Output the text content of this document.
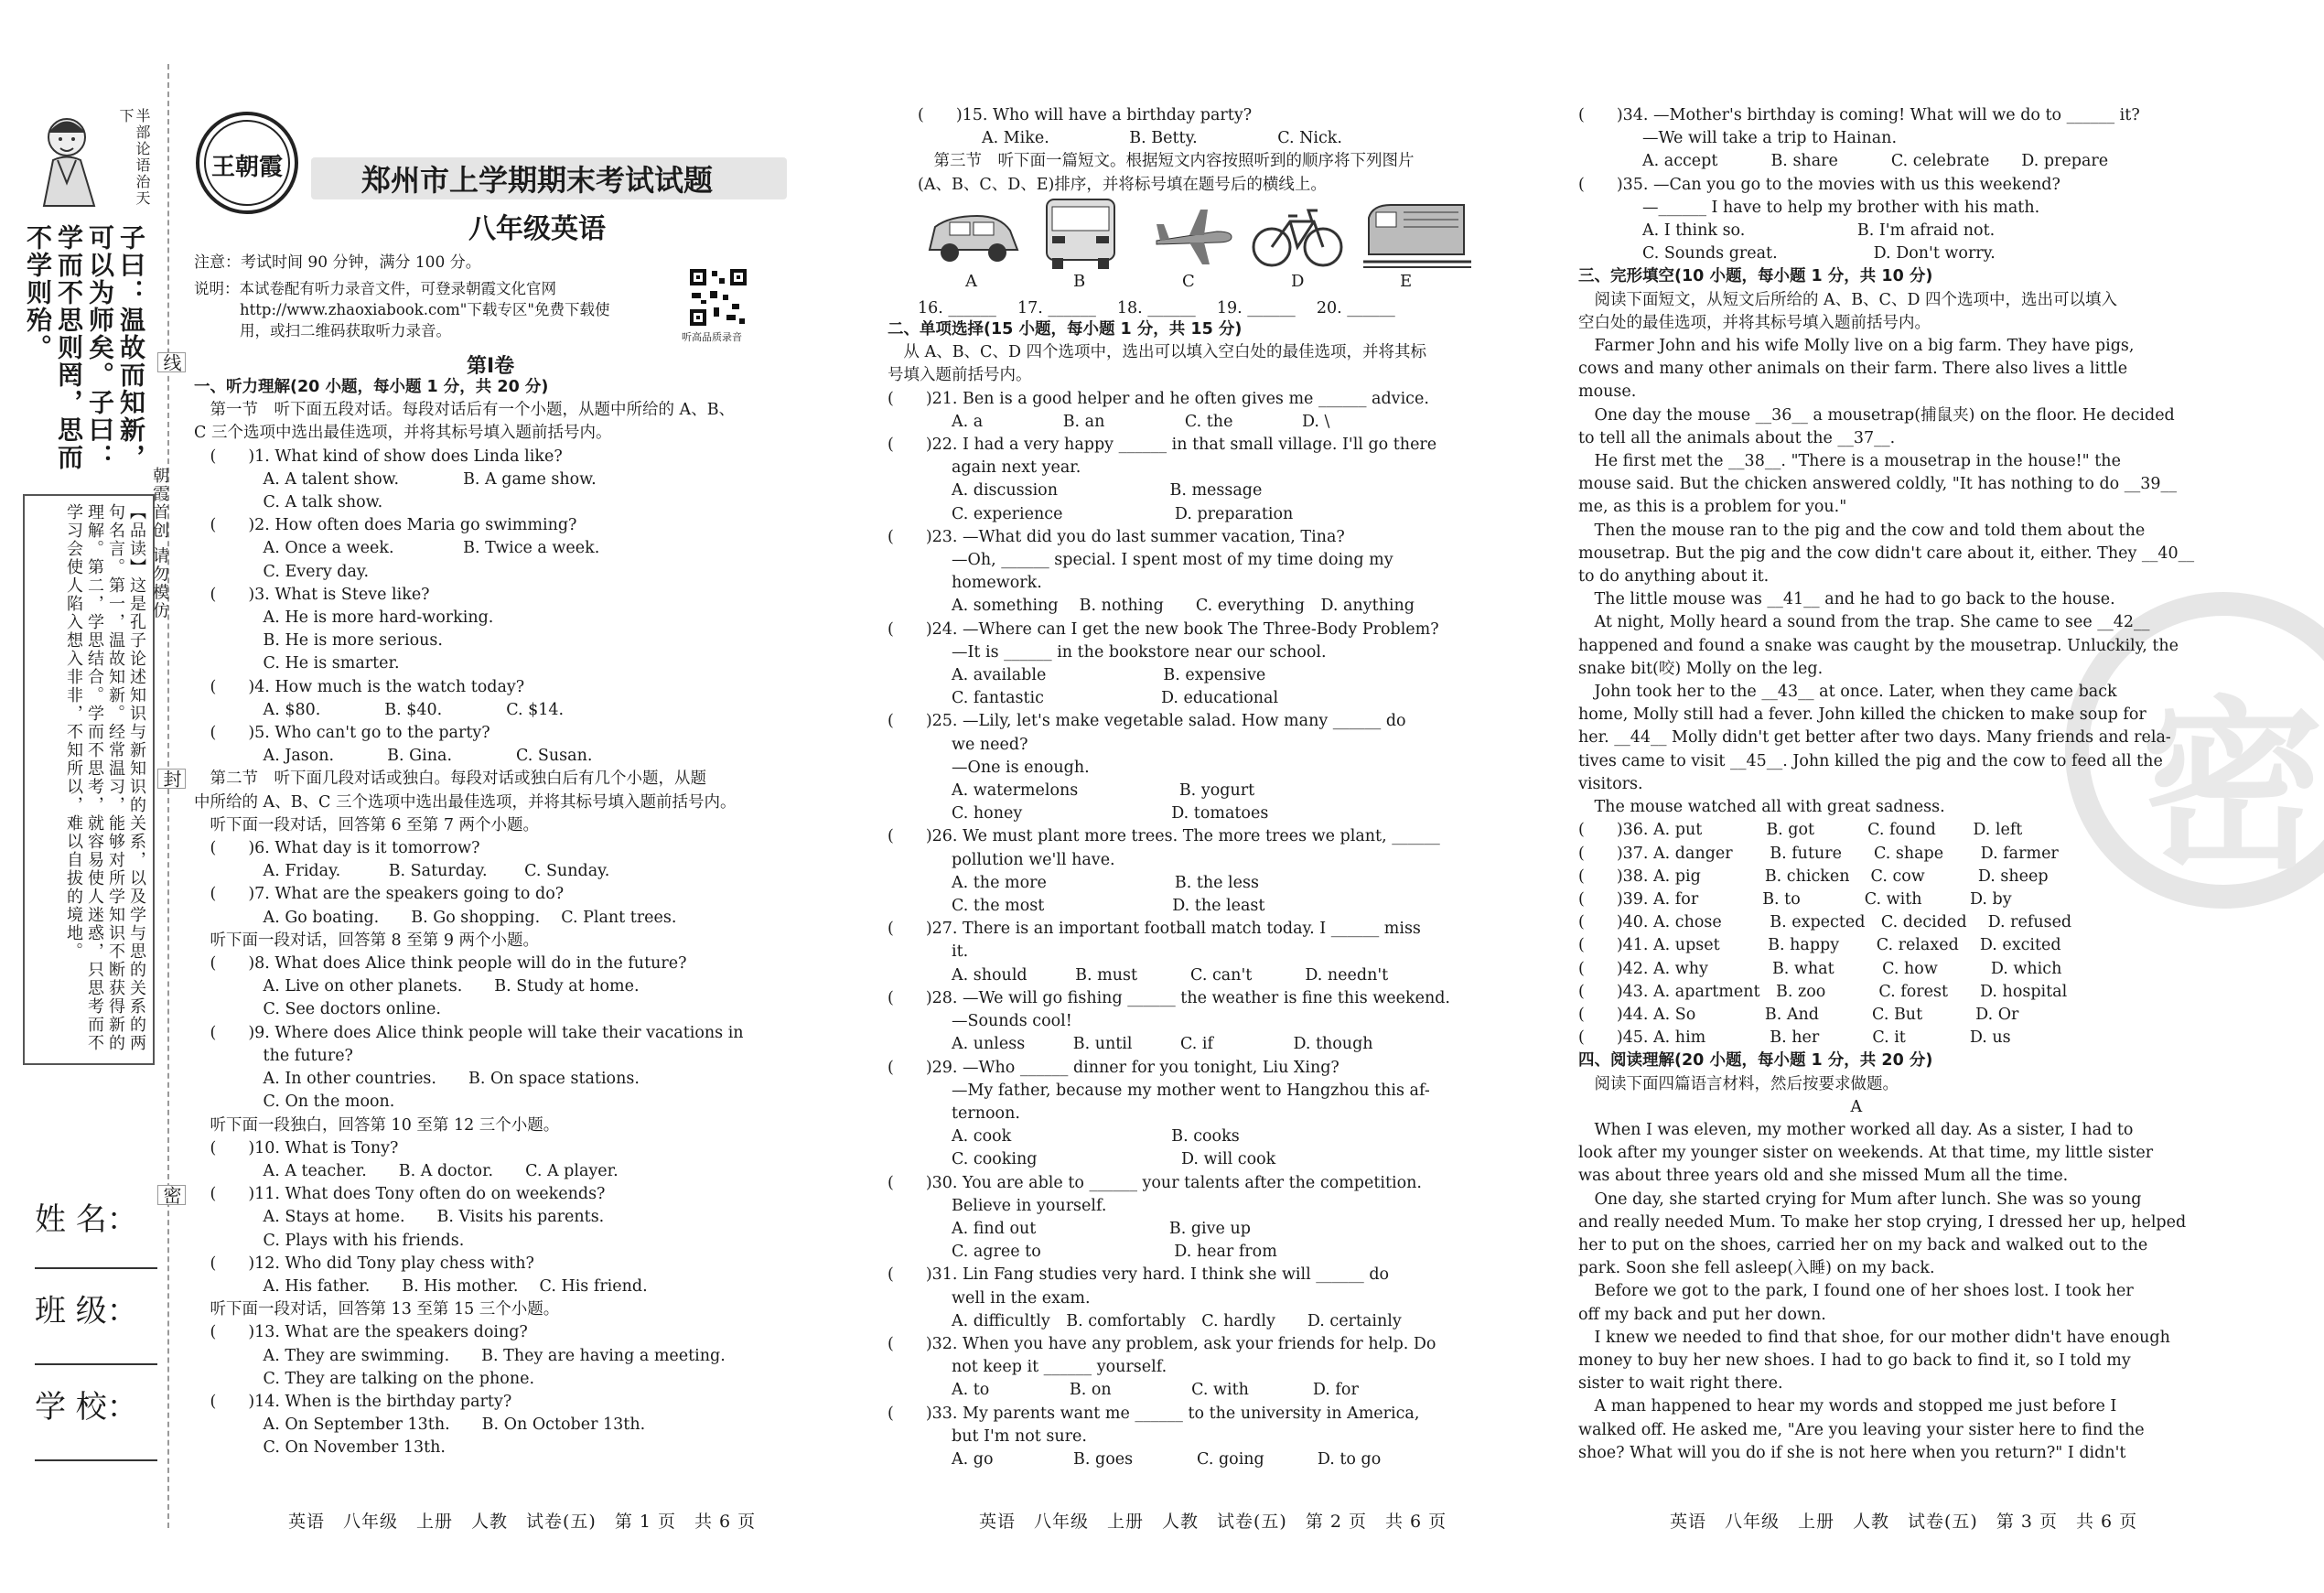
半部论语治天下
子曰：温故而知新，可以为师矣。子曰：学而不思则罔，思而不学则殆。
【品读】这是孔子论述知识与新知识的关系，以及学与思的关系的两句名言。第一，温故知新。经常温习，能够对所学知识不断获得新的理解。第二，学思结合。学而不思考，就容易使人迷惑，只思考而不学习会使人陷入想入非非，不知所以，难以自拔的境地。
姓 名：
班 级：
学 校：
朝霞首创 请勿模仿
线
封
密
王朝霞	郑州市上学期期末考试试题
八年级英语
注意：考试时间 90 分钟，满分 100 分。
说明：本试卷配有听力录音文件，可登录朝霞文化官网
http://www.zhaoxiabook.com"下载专区"免费下载使
用，或扫二维码获取听力录音。	听高品质录音
第Ⅰ卷

一、听力理解(20 小题，每小题 1 分，共 20 分)

　第一节　听下面五段对话。每段对话后有一个小题，从题中所给的 A、B、

C 三个选项中选出最佳选项，并将其标号填入题前括号内。

　(　　)1. What kind of show does Linda like?

　　　　 A. A talent show.　　　　B. A game show.

　　　　 C. A talk show.

　(　　)2. How often does Maria go swimming?

　　　　 A. Once a week.　　　　 B. Twice a week.

　　　　 C. Every day.

　(　　)3. What is Steve like?

　　　　 A. He is more hard-working.

　　　　 B. He is more serious.

　　　　 C. He is smarter.

　(　　)4. How much is the watch today?

　　　　 A. $80.　　　　B. $40.　　　　C. $14.

　(　　)5. Who can't go to the party?

　　　　 A. Jason.　　　 B. Gina.　　　　C. Susan.

　第二节　听下面几段对话或独白。每段对话或独白后有几个小题，从题

中所给的 A、B、C 三个选项中选出最佳选项，并将其标号填入题前括号内。

　听下面一段对话，回答第 6 至第 7 两个小题。

　(　　)6. What day is it tomorrow?

　　　　 A. Friday.　　　B. Saturday.　　 C. Sunday.

　(　　)7. What are the speakers going to do?

　　　　 A. Go boating.　　B. Go shopping.　 C. Plant trees.

　听下面一段对话，回答第 8 至第 9 两个小题。

　(　　)8. What does Alice think people will do in the future?

　　　　 A. Live on other planets.　　B. Study at home.

　　　　 C. See doctors online.

　(　　)9. Where does Alice think people will take their vacations in

　　　　 the future?

　　　　 A. In other countries.　　B. On space stations.

　　　　 C. On the moon.

　听下面一段独白，回答第 10 至第 12 三个小题。

　(　　)10. What is Tony?

　　　　 A. A teacher.　　B. A doctor.　　C. A player.

　(　　)11. What does Tony often do on weekends?

　　　　 A. Stays at home.　　B. Visits his parents.

　　　　 C. Plays with his friends.

　(　　)12. Who did Tony play chess with?

　　　　 A. His father.　　B. His mother.　 C. His friend.

　听下面一段对话，回答第 13 至第 15 三个小题。

　(　　)13. What are the speakers doing?

　　　　 A. They are swimming.　　B. They are having a meeting.

　　　　 C. They are talking on the phone.

　(　　)14. When is the birthday party?

　　　　 A. On September 13th.　　B. On October 13th.

　　　　 C. On November 13th.

(　　)15. Who will have a birthday party?

　　　　A. Mike.　　　　　B. Betty.　　　　　C. Nick.

　第三节　听下面一篇短文。根据短文内容按照听到的顺序将下列图片

(A、B、C、D、E)排序，并将标号填在题号后的横线上。

A	B	C	D	E
16. ______　 17. ______　 18. ______　 19. ______　 20. ______

二、单项选择(15 小题，每小题 1 分，共 15 分)

　从 A、B、C、D 四个选项中，选出可以填入空白处的最佳选项，并将其标

号填入题前括号内。

(　　)21. Ben is a good helper and he often gives me ______ advice.

　　　　A. a　　　　　B. an　　　　　C. the　　　　 D. \

(　　)22. I had a very happy ______ in that small village. I'll go there

　　　　again next year.

　　　　A. discussion　　　　　　　B. message

　　　　C. experience　　　　　　　D. preparation

(　　)23. —What did you do last summer vacation, Tina?

　　　　—Oh, ______ special. I spent most of my time doing my

　　　　homework.

　　　　A. something　 B. nothing　　C. everything　D. anything

(　　)24. —Where can I get the new book The Three-Body Problem?

　　　　—It is ______ in the bookstore near our school.

　　　　A. available　　　　　　　 B. expensive

　　　　C. fantastic　　　　　　　 D. educational

(　　)25. —Lily, let's make vegetable salad. How many ______ do

　　　　we need?

　　　　—One is enough.

　　　　A. watermelons　　　　　　 B. yogurt

　　　　C. honey　　　　　　　　　 D. tomatoes

(　　)26. We must plant more trees. The more trees we plant, ______

　　　　pollution we'll have.

　　　　A. the more　　　　　　　　B. the less

　　　　C. the most　　　　　　　　D. the least

(　　)27. There is an important football match today. I ______ miss

　　　　it.

　　　　A. should　　　B. must　　　 C. can't　　　 D. needn't

(　　)28. —We will go fishing ______ the weather is fine this weekend.

　　　　—Sounds cool!

　　　　A. unless　　　B. until　　　C. if　　　　　D. though

(　　)29. —Who ______ dinner for you tonight, Liu Xing?

　　　　—My father, because my mother went to Hangzhou this af-

　　　　ternoon.

　　　　A. cook　　　　　　　　　　B. cooks

　　　　C. cooking　　　　　　　　　D. will cook

(　　)30. You are able to ______ your talents after the competition.

　　　　Believe in yourself.

　　　　A. find out　　　　　　　　 B. give up

　　　　C. agree to　　　　　　　　 D. hear from

(　　)31. Lin Fang studies very hard. I think she will ______ do

　　　　well in the exam.

　　　　A. difficultly　B. comfortably　C. hardly　　D. certainly

(　　)32. When you have any problem, ask your friends for help. Do

　　　　not keep it ______ yourself.

　　　　A. to　　　　　B. on　　　　　C. with　　　　D. for

(　　)33. My parents want me ______ to the university in America,

　　　　but I'm not sure.

　　　　A. go　　　　　B. goes　　　　C. going　　　 D. to go

密

(　　)34. —Mother's birthday is coming! What will we do to ______ it?

　　　　—We will take a trip to Hainan.

　　　　A. accept　　　 B. share　　　 C. celebrate　　D. prepare

(　　)35. —Can you go to the movies with us this weekend?

　　　　—______ I have to help my brother with his math.

　　　　A. I think so.　　　　　　　B. I'm afraid not.

　　　　C. Sounds great.　　　　　　D. Don't worry.

三、完形填空(10 小题，每小题 1 分，共 10 分)

　阅读下面短文，从短文后所给的 A、B、C、D 四个选项中，选出可以填入

空白处的最佳选项，并将其标号填入题前括号内。

　Farmer John and his wife Molly live on a big farm. They have pigs,

cows and many other animals on their farm. There also lives a little

mouse.

　One day the mouse __36__ a mousetrap(捕鼠夹) on the floor. He decided

to tell all the animals about the __37__.

　He first met the __38__. "There is a mousetrap in the house!" the

mouse said. But the chicken answered coldly, "It has nothing to do __39__

me, as this is a problem for you."

　Then the mouse ran to the pig and the cow and told them about the

mousetrap. But the pig and the cow didn't care about it, either. They __40__

to do anything about it.

　The little mouse was __41__ and he had to go back to the house.

　At night, Molly heard a sound from the trap. She came to see __42__

happened and found a snake was caught by the mousetrap. Unluckily, the

snake bit(咬) Molly on the leg.

　John took her to the __43__ at once. Later, when they came back

home, Molly still had a fever. John killed the chicken to make soup for

her. __44__ Molly didn't get better after two days. Many friends and rela-

tives came to visit __45__. John killed the pig and the cow to feed all the

visitors.

　The mouse watched all with great sadness.

(　　)36. A. put　　　　B. got　　　 C. found　　 D. left

(　　)37. A. danger　　 B. future　　C. shape　　 D. farmer

(　　)38. A. pig　　　　B. chicken　 C. cow　　　 D. sheep

(　　)39. A. for　　　　B. to　　　　C. with　　　D. by

(　　)40. A. chose　　　B. expected　C. decided　 D. refused

(　　)41. A. upset　　　B. happy　　 C. relaxed　 D. excited

(　　)42. A. why　　　　B. what　　　C. how　　　 D. which

(　　)43. A. apartment　B. zoo　　　 C. forest　　D. hospital

(　　)44. A. So　　　　 B. And　　　 C. But　　　 D. Or

(　　)45. A. him　　　　B. her　　　 C. it　　　　D. us

四、阅读理解(20 小题，每小题 1 分，共 20 分)

　阅读下面四篇语言材料，然后按要求做题。

　　　　　　　　　　　　　　　　　A

　When I was eleven, my mother worked all day. As a sister, I had to

look after my younger sister on weekends. At that time, my little sister

was about three years old and she missed Mum all the time.

　One day, she started crying for Mum after lunch. She was so young

and really needed Mum. To make her stop crying, I dressed her up, helped

her to put on the shoes, carried her on my back and walked out to the

park. Soon she fell asleep(入睡) on my back.

　Before we got to the park, I found one of her shoes lost. I took her

off my back and put her down.

　I knew we needed to find that shoe, for our mother didn't have enough

money to buy her new shoes. I had to go back to find it, so I told my

sister to wait right there.

　A man happened to hear my words and stopped me just before I

walked off. He asked me, "Are you leaving your sister here to find the

shoe? What will you do if she is not here when you return?" I didn't

英语　八年级　上册　人教　试卷(五)　第 1 页　共 6 页	英语　八年级　上册　人教　试卷(五)　第 2 页　共 6 页	英语　八年级　上册　人教　试卷(五)　第 3 页　共 6 页
